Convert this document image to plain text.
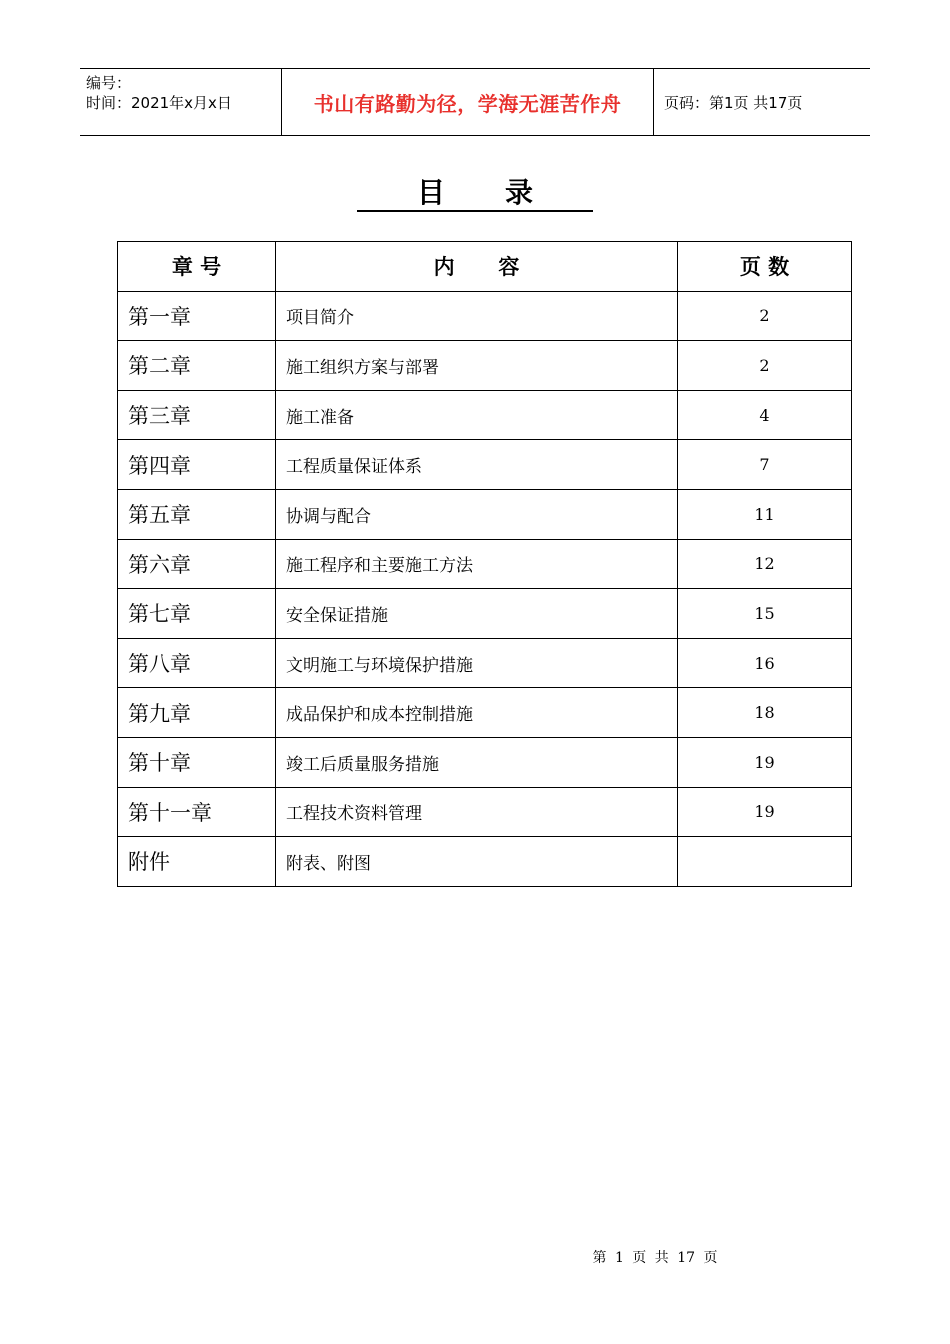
编号：
时间：2021年x月x日	书山有路勤为径，学海无涯苦作舟	页码：第1页 共17页
目录
章 号	内      容	页 数
第一章	项目简介	2
第二章	施工组织方案与部署	2
第三章	施工准备	4
第四章	工程质量保证体系	7
第五章	协调与配合	11
第六章	施工程序和主要施工方法	12
第七章	安全保证措施	15
第八章	文明施工与环境保护措施	16
第九章	成品保护和成本控制措施	18
第十章	竣工后质量服务措施	19
第十一章	工程技术资料管理	19
附件	附表、附图	
第 1 页 共 17 页
